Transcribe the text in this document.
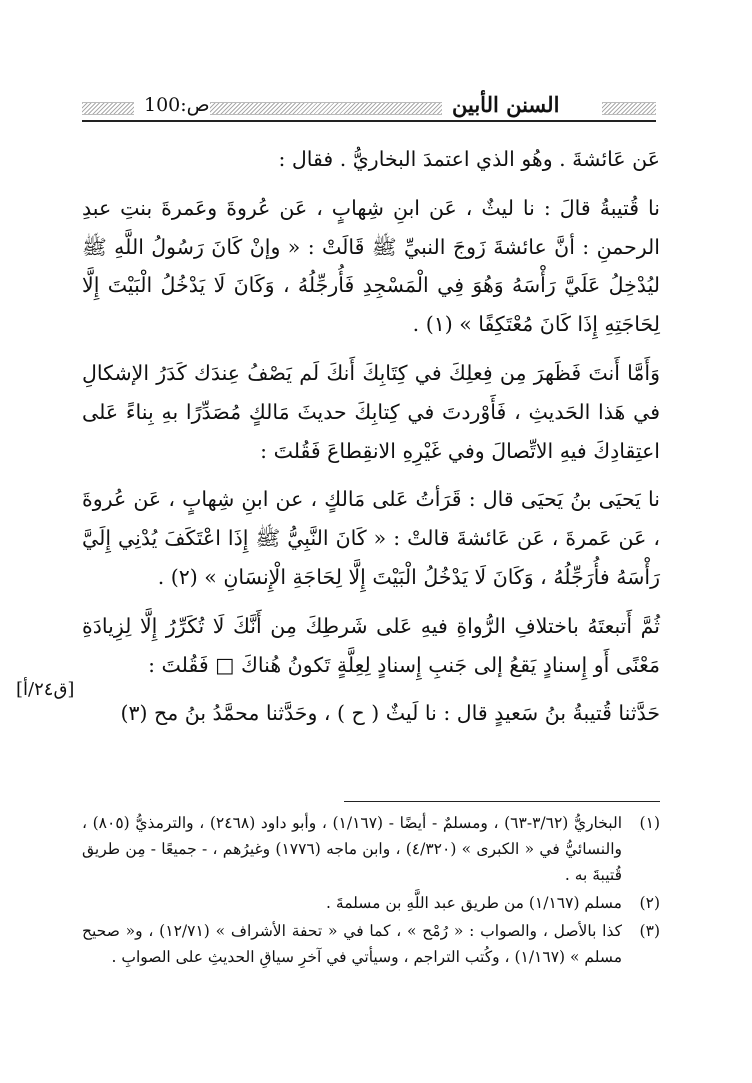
ص:100	السنن الأبين

عَن عَائشةَ . وهُو الذي اعتمدَ البخاريُّ . فقال :

نا قُتيبةُ قالَ : نا ليثٌ ، عَن ابنِ شِهابٍ ، عَن عُروةَ وعَمرةَ بنتِ عبدِ الرحمنِ : أنَّ عائشةَ زَوجَ النبيِّ ﷺ قَالَتْ : « وإنْ كَانَ رَسُولُ اللَّهِ ﷺ ليُدْخِلُ عَلَيَّ رَأْسَهُ وَهُوَ فِي الْمَسْجِدِ فَأُرجِّلُهُ ، وَكَانَ لَا يَدْخُلُ الْبَيْتَ إِلَّا لِحَاجَتِهِ إِذَا كَانَ مُعْتَكِفًا » (١) .

وَأَمَّا أَنتَ فَظَهرَ مِن فِعلِكَ في كِتَابِكَ أَنكَ لَم يَصْفُ عِندَك كَدَرُ الإشكالِ في هَذا الحَديثِ ، فَأَوْردتَ في كِتابِكَ حديثَ مَالكٍ مُصَدِّرًا بهِ بِناءً عَلى اعتِقادِكَ فيهِ الاتِّصالَ وفي غَيْرِهِ الانقِطاعَ فَقُلتَ :

نا يَحيَى بنُ يَحيَى قال : قَرَأتُ عَلى مَالكٍ ، عن ابنِ شِهابٍ ، عَن عُروةَ ، عَن عَمرةَ ، عَن عَائشةَ قالتْ : « كَانَ النَّبِيُّ ﷺ إِذَا اعْتَكَفَ يُدْنِي إِلَيَّ رَأْسَهُ فأُرَجِّلُهُ ، وَكَانَ لَا يَدْخُلُ الْبَيْتَ إِلَّا لِحَاجَةِ الْإِنسَانِ » (٢) .

ثُمَّ أَتبعتَهُ باختلافِ الرُّواةِ فيهِ عَلى شَرطِكَ مِن أَنَّكَ لَا تُكَرِّرُ إِلَّا لِزِيادَةِ مَعْنًى أَو إِسنادٍ يَقعُ إلى جَنبِ إِسنادٍ لِعِلَّةٍ تَكونُ هُناكَ □ فَقُلتَ :

حَدَّثنا قُتيبةُ بنُ سَعيدٍ قال : نا لَيثٌ ( ح ) ، وحَدَّثنا محمَّدُ بنُ مح (٣)

[ق٢٤/أ]
(١)
البخاريُّ (٣/٦٢-٦٣) ، ومسلمٌ - أيضًا - (١/١٦٧) ، وأبو داود (٢٤٦٨) ، والترمذيُّ (٨٠٥) ، والنسائيُّ في « الكبرى » (٤/٣٢٠) ، وابن ماجه (١٧٧٦) وغيرُهم ، - جميعًا - مِن طريق قُتيبةَ به .
(٢)
مسلم (١/١٦٧) من طريق عبد اللَّهِ بن مسلمةَ .
(٣)
كذا بالأصل ، والصواب : « رُمْح » ، كما في « تحفة الأشراف » (١٢/٧١) ، و« صحيح مسلم » (١/١٦٧) ، وكُتب التراجم ، وسيأتي في آخرِ سياقِ الحديثِ على الصوابِ .
